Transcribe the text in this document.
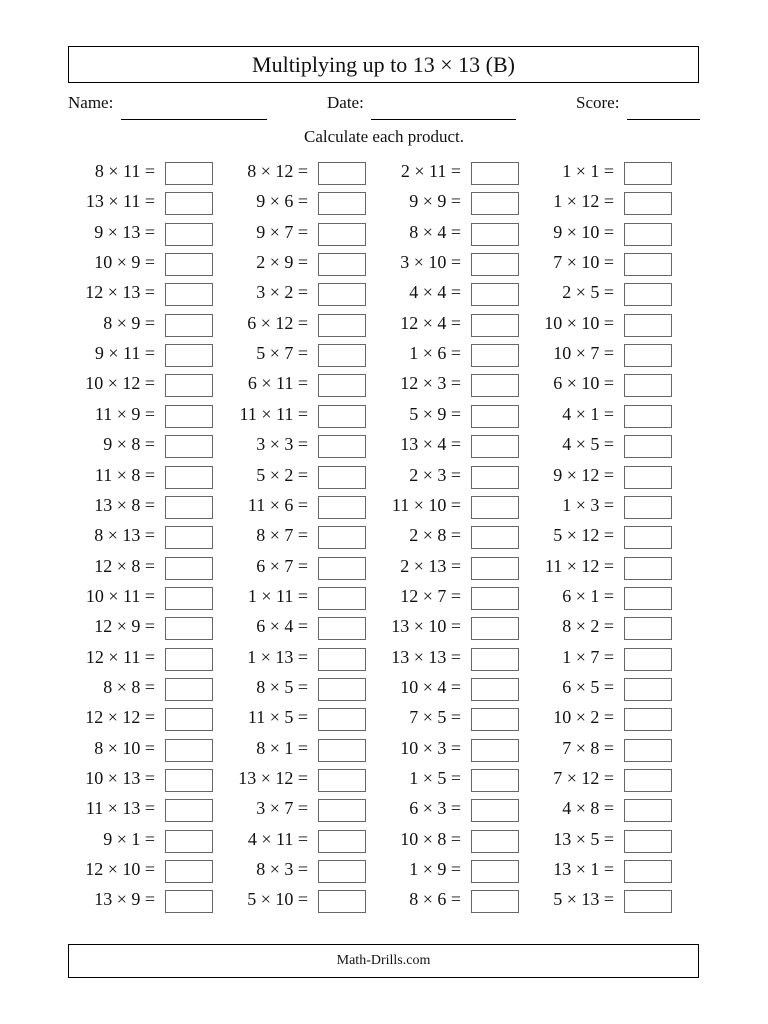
Multiplying up to 13 × 13 (B)
Name:	Date:	Score:
Calculate each product.
8 × 11 =	8 × 12 =	2 × 11 =	1 × 1 =
13 × 11 =	9 × 6 =	9 × 9 =	1 × 12 =
9 × 13 =	9 × 7 =	8 × 4 =	9 × 10 =
10 × 9 =	2 × 9 =	3 × 10 =	7 × 10 =
12 × 13 =	3 × 2 =	4 × 4 =	2 × 5 =
8 × 9 =	6 × 12 =	12 × 4 =	10 × 10 =
9 × 11 =	5 × 7 =	1 × 6 =	10 × 7 =
10 × 12 =	6 × 11 =	12 × 3 =	6 × 10 =
11 × 9 =	11 × 11 =	5 × 9 =	4 × 1 =
9 × 8 =	3 × 3 =	13 × 4 =	4 × 5 =
11 × 8 =	5 × 2 =	2 × 3 =	9 × 12 =
13 × 8 =	11 × 6 =	11 × 10 =	1 × 3 =
8 × 13 =	8 × 7 =	2 × 8 =	5 × 12 =
12 × 8 =	6 × 7 =	2 × 13 =	11 × 12 =
10 × 11 =	1 × 11 =	12 × 7 =	6 × 1 =
12 × 9 =	6 × 4 =	13 × 10 =	8 × 2 =
12 × 11 =	1 × 13 =	13 × 13 =	1 × 7 =
8 × 8 =	8 × 5 =	10 × 4 =	6 × 5 =
12 × 12 =	11 × 5 =	7 × 5 =	10 × 2 =
8 × 10 =	8 × 1 =	10 × 3 =	7 × 8 =
10 × 13 =	13 × 12 =	1 × 5 =	7 × 12 =
11 × 13 =	3 × 7 =	6 × 3 =	4 × 8 =
9 × 1 =	4 × 11 =	10 × 8 =	13 × 5 =
12 × 10 =	8 × 3 =	1 × 9 =	13 × 1 =
13 × 9 =	5 × 10 =	8 × 6 =	5 × 13 =
Math-Drills.com
